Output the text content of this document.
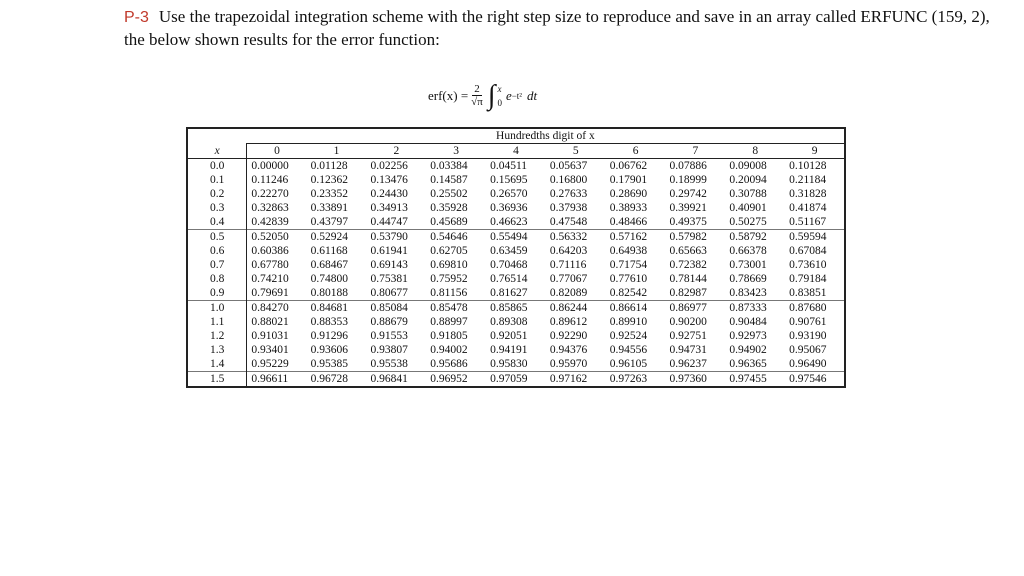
P-3 Use the trapezoidal integration scheme with the right step size to reproduce and save in an array called ERFUNC (159, 2), the below shown results for the error function:
$erf(x) = \frac{2}{√\pi}$ ∫ x
0 e −t² dt
	Hundredths digit of x									
x	0	1	2	3	4	5	6	7	8	9
0.0	0.00000	0.01128	0.02256	0.03384	0.04511	0.05637	0.06762	0.07886	0.09008	0.10128
0.1	0.11246	0.12362	0.13476	0.14587	0.15695	0.16800	0.17901	0.18999	0.20094	0.21184
0.2	0.22270	0.23352	0.24430	0.25502	0.26570	0.27633	0.28690	0.29742	0.30788	0.31828
0.3	0.32863	0.33891	0.34913	0.35928	0.36936	0.37938	0.38933	0.39921	0.40901	0.41874
0.4	0.42839	0.43797	0.44747	0.45689	0.46623	0.47548	0.48466	0.49375	0.50275	0.51167
0.5	0.52050	0.52924	0.53790	0.54646	0.55494	0.56332	0.57162	0.57982	0.58792	0.59594
0.6	0.60386	0.61168	0.61941	0.62705	0.63459	0.64203	0.64938	0.65663	0.66378	0.67084
0.7	0.67780	0.68467	0.69143	0.69810	0.70468	0.71116	0.71754	0.72382	0.73001	0.73610
0.8	0.74210	0.74800	0.75381	0.75952	0.76514	0.77067	0.77610	0.78144	0.78669	0.79184
0.9	0.79691	0.80188	0.80677	0.81156	0.81627	0.82089	0.82542	0.82987	0.83423	0.83851
1.0	0.84270	0.84681	0.85084	0.85478	0.85865	0.86244	0.86614	0.86977	0.87333	0.87680
1.1	0.88021	0.88353	0.88679	0.88997	0.89308	0.89612	0.89910	0.90200	0.90484	0.90761
1.2	0.91031	0.91296	0.91553	0.91805	0.92051	0.92290	0.92524	0.92751	0.92973	0.93190
1.3	0.93401	0.93606	0.93807	0.94002	0.94191	0.94376	0.94556	0.94731	0.94902	0.95067
1.4	0.95229	0.95385	0.95538	0.95686	0.95830	0.95970	0.96105	0.96237	0.96365	0.96490
1.5	0.96611	0.96728	0.96841	0.96952	0.97059	0.97162	0.97263	0.97360	0.97455	0.97546
